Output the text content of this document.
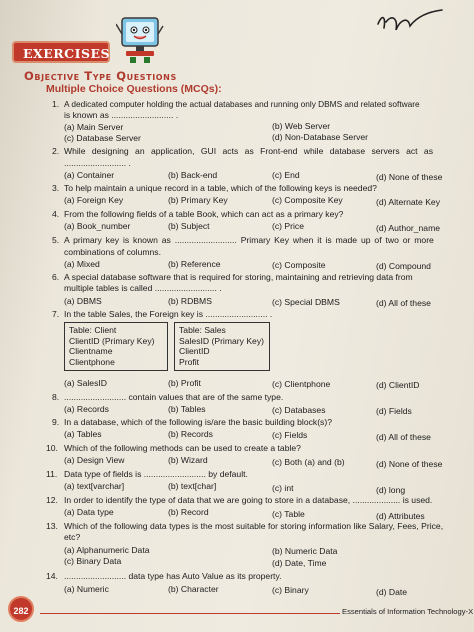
EXERCISES
Objective Type Questions
Multiple Choice Questions (MCQs):
1. A dedicated computer holding the actual databases and running only DBMS and related software
is known as .......................... .
(a) Main Server	(b) Web Server
(c) Database Server	(d) Non-Database Server
2. While designing an application, GUI acts as Front-end while database servers act as
.......................... .
(a) Container	(b) Back-end	(c) End	(d) None of these
3. To help maintain a unique record in a table, which of the following keys is needed?
(a) Foreign Key	(b) Primary Key	(c) Composite Key	(d) Alternate Key
4. From the following fields of a table Book, which can act as a primary key?
(a) Book_number	(b) Subject	(c) Price	(d) Author_name
5. A primary key is known as .......................... Primary Key when it is made up of two or more
combinations of columns.
(a) Mixed	(b) Reference	(c) Composite	(d) Compound
6. A special database software that is required for storing, maintaining and retrieving data from
multiple tables is called .......................... .
(a) DBMS	(b) RDBMS	(c) Special DBMS	(d) All of these
7. In the table Sales, the Foreign key is .......................... .
Table: Client
ClientID (Primary Key)
Clientname
Clientphone
Table: Sales
SalesID (Primary Key)
ClientID
Profit
(a) SalesID	(b) Profit	(c) Clientphone	(d) ClientID
8. .......................... contain values that are of the same type.
(a) Records	(b) Tables	(c) Databases	(d) Fields
9. In a database, which of the following is/are the basic building block(s)?
(a) Tables	(b) Records	(c) Fields	(d) All of these
10. Which of the following methods can be used to create a table?
(a) Design View	(b) Wizard	(c) Both (a) and (b)	(d) None of these
11. Data type of fields is .......................... by default.
(a) text[varchar]	(b) text[char]	(c) int	(d) long
12. In order to identify the type of data that we are going to store in a database, .................... is used.
(a) Data type	(b) Record	(c) Table	(d) Attributes
13. Which of the following data types is the most suitable for storing information like Salary, Fees, Price,
etc?
(a) Alphanumeric Data	(b) Numeric Data
(c) Binary Data	(d) Date, Time
14. .......................... data type has Auto Value as its property.
(a) Numeric	(b) Character	(c) Binary	(d) Date
282	Essentials of Information Technology-X
